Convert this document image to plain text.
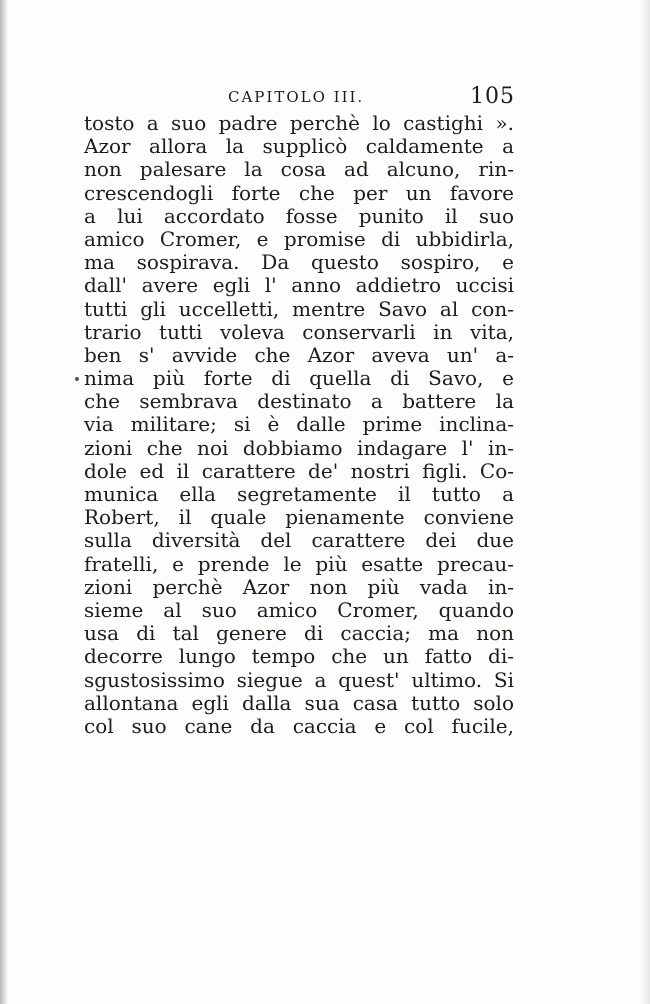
CAPITOLO III.	105
tosto a suo padre perchè lo castighi ».
Azor allora la supplicò caldamente a
non palesare la cosa ad alcuno, rin-
crescendogli forte che per un favore
a lui accordato fosse punito il suo
amico Cromer, e promise di ubbidirla,
ma sospirava. Da questo sospiro, e
dall' avere egli l' anno addietro uccisi
tutti gli uccelletti, mentre Savo al con-
trario tutti voleva conservarli in vita,
ben s' avvide che Azor aveva un' a-
nima più forte di quella di Savo, e
che sembrava destinato a battere la
via militare; si è dalle prime inclina-
zioni che noi dobbiamo indagare l' in-
dole ed il carattere de' nostri figli. Co-
munica ella segretamente il tutto a
Robert, il quale pienamente conviene
sulla diversità del carattere dei due
fratelli, e prende le più esatte precau-
zioni perchè Azor non più vada in-
sieme al suo amico Cromer, quando
usa di tal genere di caccia; ma non
decorre lungo tempo che un fatto di-
sgustosissimo siegue a quest' ultimo. Si
allontana egli dalla sua casa tutto solo
col suo cane da caccia e col fucile,
